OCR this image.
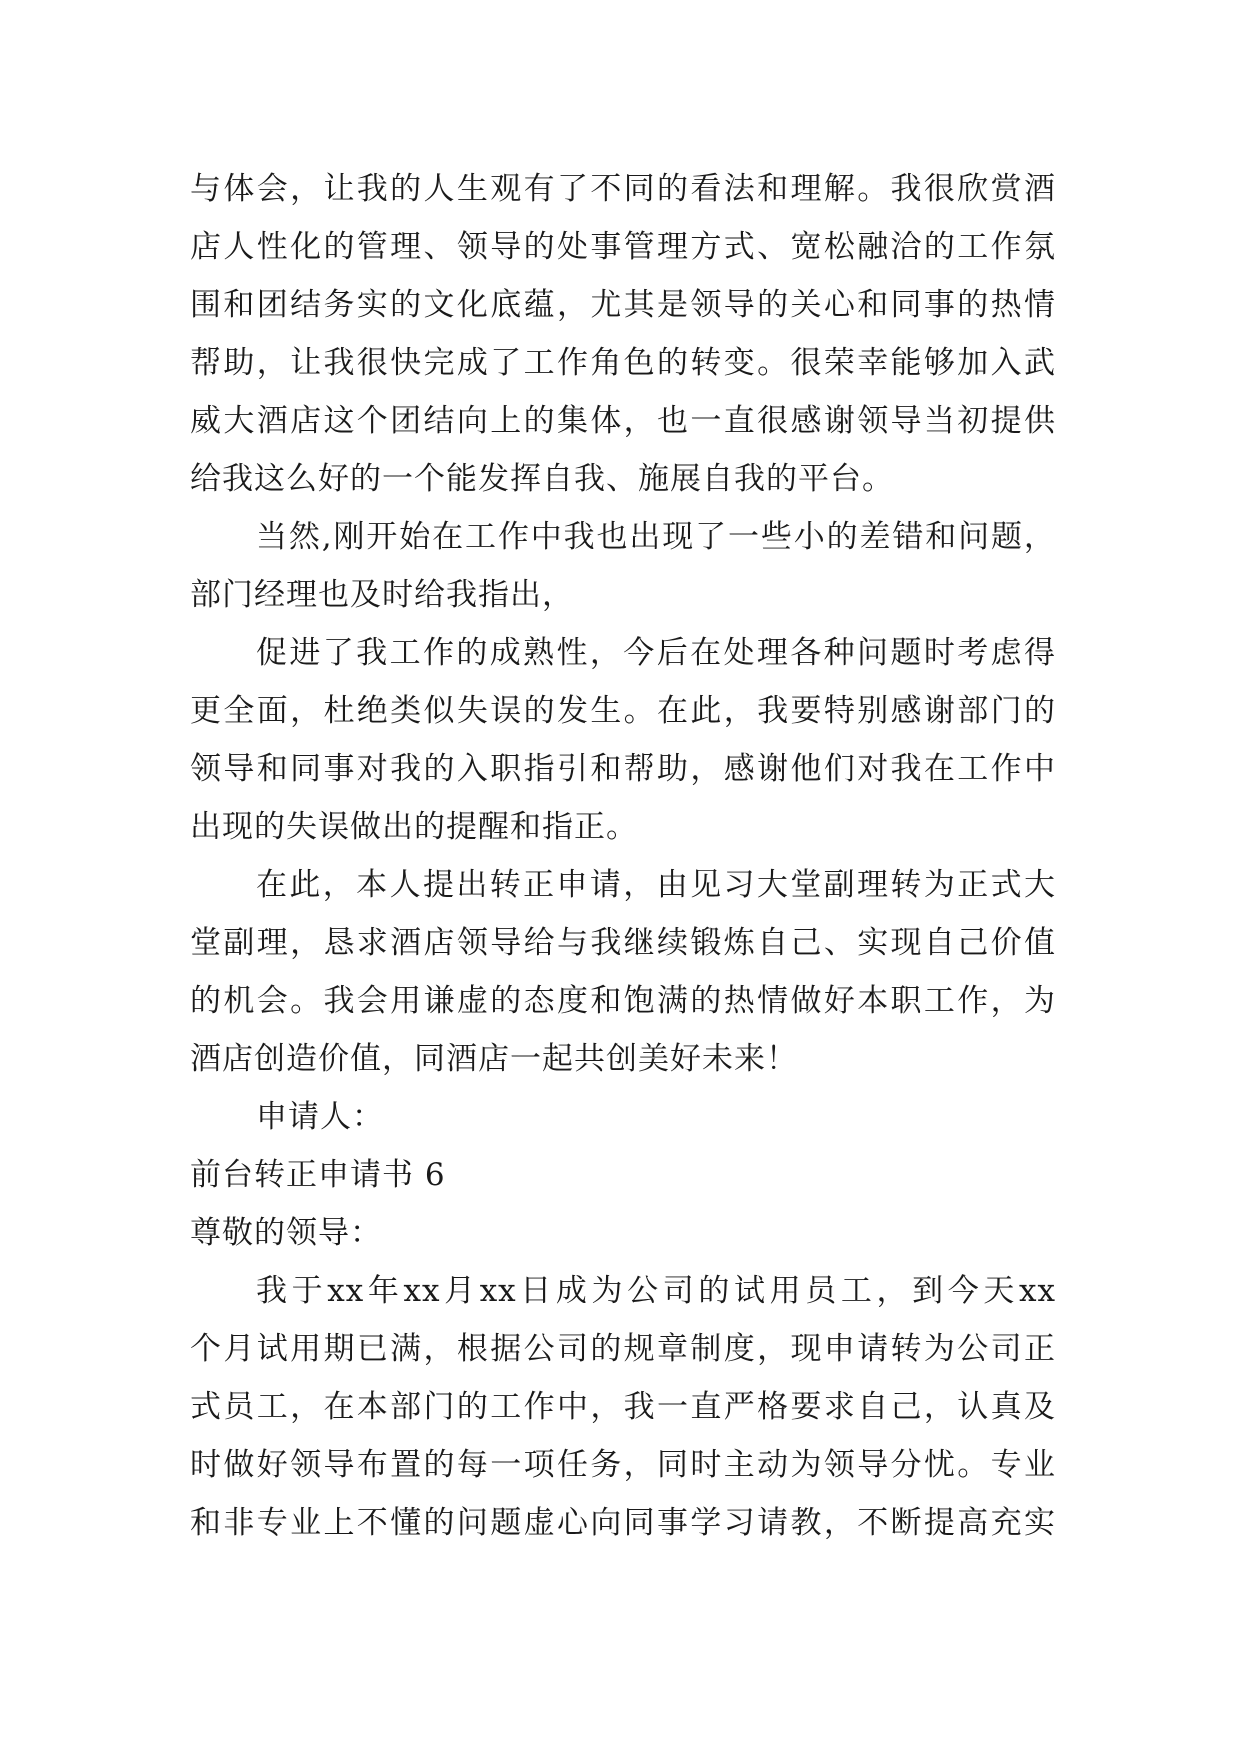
与 体 会 ， 让 我 的 人 生 观 有 了 不 同 的 看 法 和 理 解 。 我 很 欣 赏 酒
店 人 性 化 的 管 理 、 领 导 的 处 事 管 理 方 式 、 宽 松 融 洽 的 工 作 氛
围 和 团 结 务 实 的 文 化 底 蕴 ， 尤 其 是 领 导 的 关 心 和 同 事 的 热 情
帮 助 ， 让 我 很 快 完 成 了 工 作 角 色 的 转 变 。 很 荣 幸 能 够 加 入 武
威 大 酒 店 这 个 团 结 向 上 的 集 体 ， 也 一 直 很 感 谢 领 导 当 初 提 供
给我这么好的一个能发挥自我、施展自我的平台。
当 然 , 刚 开 始 在 工 作 中 我 也 出 现 了 一 些 小 的 差 错 和 问 题 ，
部门经理也及时给我指出，
促 进 了 我 工 作 的 成 熟 性 ， 今 后 在 处 理 各 种 问 题 时 考 虑 得
更 全 面 ， 杜 绝 类 似 失 误 的 发 生 。 在 此 ， 我 要 特 别 感 谢 部 门 的
领 导 和 同 事 对 我 的 入 职 指 引 和 帮 助 ， 感 谢 他 们 对 我 在 工 作 中
出现的失误做出的提醒和指正。
在 此 ， 本 人 提 出 转 正 申 请 ， 由 见 习 大 堂 副 理 转 为 正 式 大
堂 副 理 ， 恳 求 酒 店 领 导 给 与 我 继 续 锻 炼 自 己 、 实 现 自 己 价 值
的 机 会 。 我 会 用 谦 虚 的 态 度 和 饱 满 的 热 情 做 好 本 职 工 作 ， 为
酒店创造价值，同酒店一起共创美好未来！
申请人：
前台转正申请书 6
尊敬的领导：
我 于 xx 年 xx 月 xx 日 成 为 公 司 的 试 用 员 工 ， 到 今 天 xx
个 月 试 用 期 已 满 ， 根 据 公 司 的 规 章 制 度 ， 现 申 请 转 为 公 司 正
式 员 工 ， 在 本 部 门 的 工 作 中 ， 我 一 直 严 格 要 求 自 己 ， 认 真 及
时 做 好 领 导 布 置 的 每 一 项 任 务 ， 同 时 主 动 为 领 导 分 忧 。 专 业
和 非 专 业 上 不 懂 的 问 题 虚 心 向 同 事 学 习 请 教 ， 不 断 提 高 充 实
